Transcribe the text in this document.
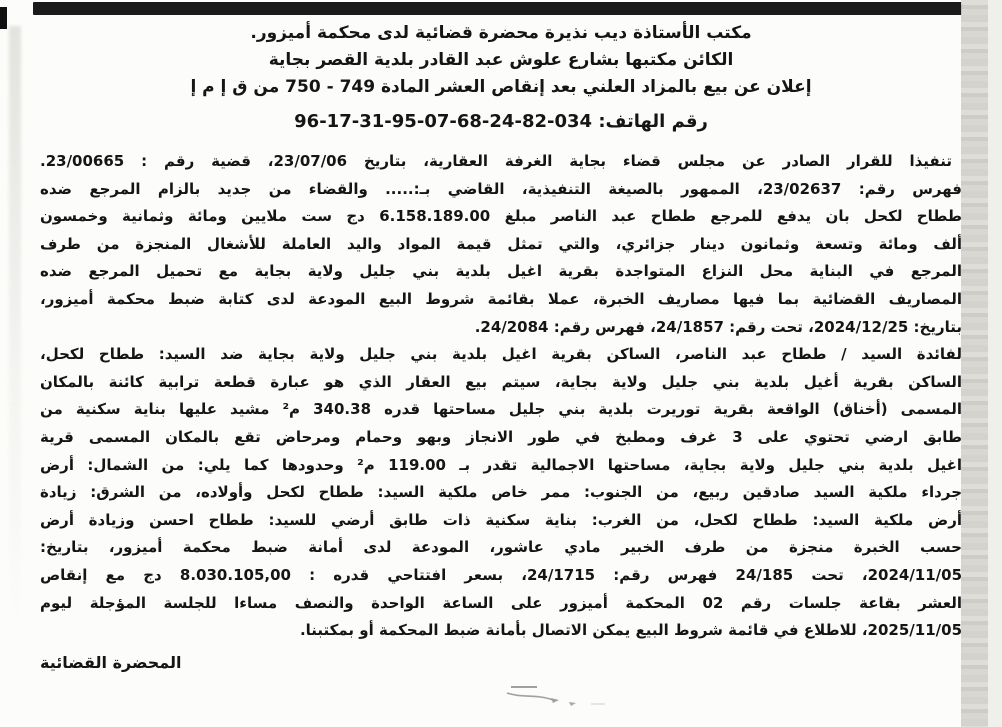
مكتب الأستاذة ديب نذيرة محضرة قضائية لدى محكمة أميزور.
الكائن مكتبها بشارع علوش عبد القادر بلدية القصر بجاية
إعلان عن بيع بالمزاد العلني بعد إنقاص العشر المادة 749 - 750 من ق إ م إ
رقم الهاتف: 034-82-24-68-07-95-31-17-96
تنفيذا للقرار الصادر عن مجلس قضاء بجاية الغرفة العقارية، بتاريخ 23/07/06، قضية رقم : 23/00665.
فهرس رقم: 23/02637، الممهور بالصيغة التنفيذية، القاضي بـ:..... والقضاء من جديد بالزام المرجع ضده
ططاح لكحل بان يدفع للمرجع ططاح عبد الناصر مبلغ 6.158.189.00 دج ست ملايين ومائة وثمانية وخمسون
ألف ومائة وتسعة وثمانون دينار جزائري، والتي تمثل قيمة المواد واليد العاملة للأشغال المنجزة من طرف
المرجع في البناية محل النزاع المتواجدة بقرية اغيل بلدية بني جليل ولاية بجاية مع تحميل المرجع ضده
المصاريف القضائية بما فيها مصاريف الخبرة، عملا بقائمة شروط البيع المودعة لدى كتابة ضبط محكمة أميزور،
بتاريخ: 2024/12/25، تحت رقم: 24/1857، فهرس رقم: 24/2084.
لفائدة السيد / ططاح عبد الناصر، الساكن بقرية اغيل بلدية بني جليل ولاية بجاية ضد السيد: ططاح لكحل،
الساكن بقرية أغيل بلدية بني جليل ولاية بجاية، سيتم بيع العقار الذي هو عبارة قطعة ترابية كائنة بالمكان
المسمى (أخناق) الواقعة بقرية توريرت بلدية بني جليل مساحتها قدره 340.38 م² مشيد عليها بناية سكنية من
طابق ارضي تحتوي على 3 غرف ومطبخ في طور الانجاز وبهو وحمام ومرحاض تقع بالمكان المسمى قرية
اغيل بلدية بني جليل ولاية بجاية، مساحتها الاجمالية تقدر بـ 119.00 م² وحدودها كما يلي: من الشمال: أرض
جرداء ملكية السيد صادقين ربيع، من الجنوب: ممر خاص ملكية السيد: ططاح لكحل وأولاده، من الشرق: زيادة
أرض ملكية السيد: ططاح لكحل، من الغرب: بناية سكنية ذات طابق أرضي للسيد: ططاح احسن وزيادة أرض
حسب الخبرة منجزة من طرف الخبير مادي عاشور، المودعة لدى أمانة ضبط محكمة أميزور، بتاريخ:
2024/11/05، تحت 24/185 فهرس رقم: 24/1715، بسعر افتتاحي قدره : 8.030.105,00 دج مع إنقاص
العشر بقاعة جلسات رقم 02 المحكمة أميزور على الساعة الواحدة والنصف مساءا للجلسة المؤجلة ليوم
2025/11/05، للاطلاع في قائمة شروط البيع يمكن الاتصال بأمانة ضبط المحكمة أو بمكتبنا.
المحضرة القضائية
